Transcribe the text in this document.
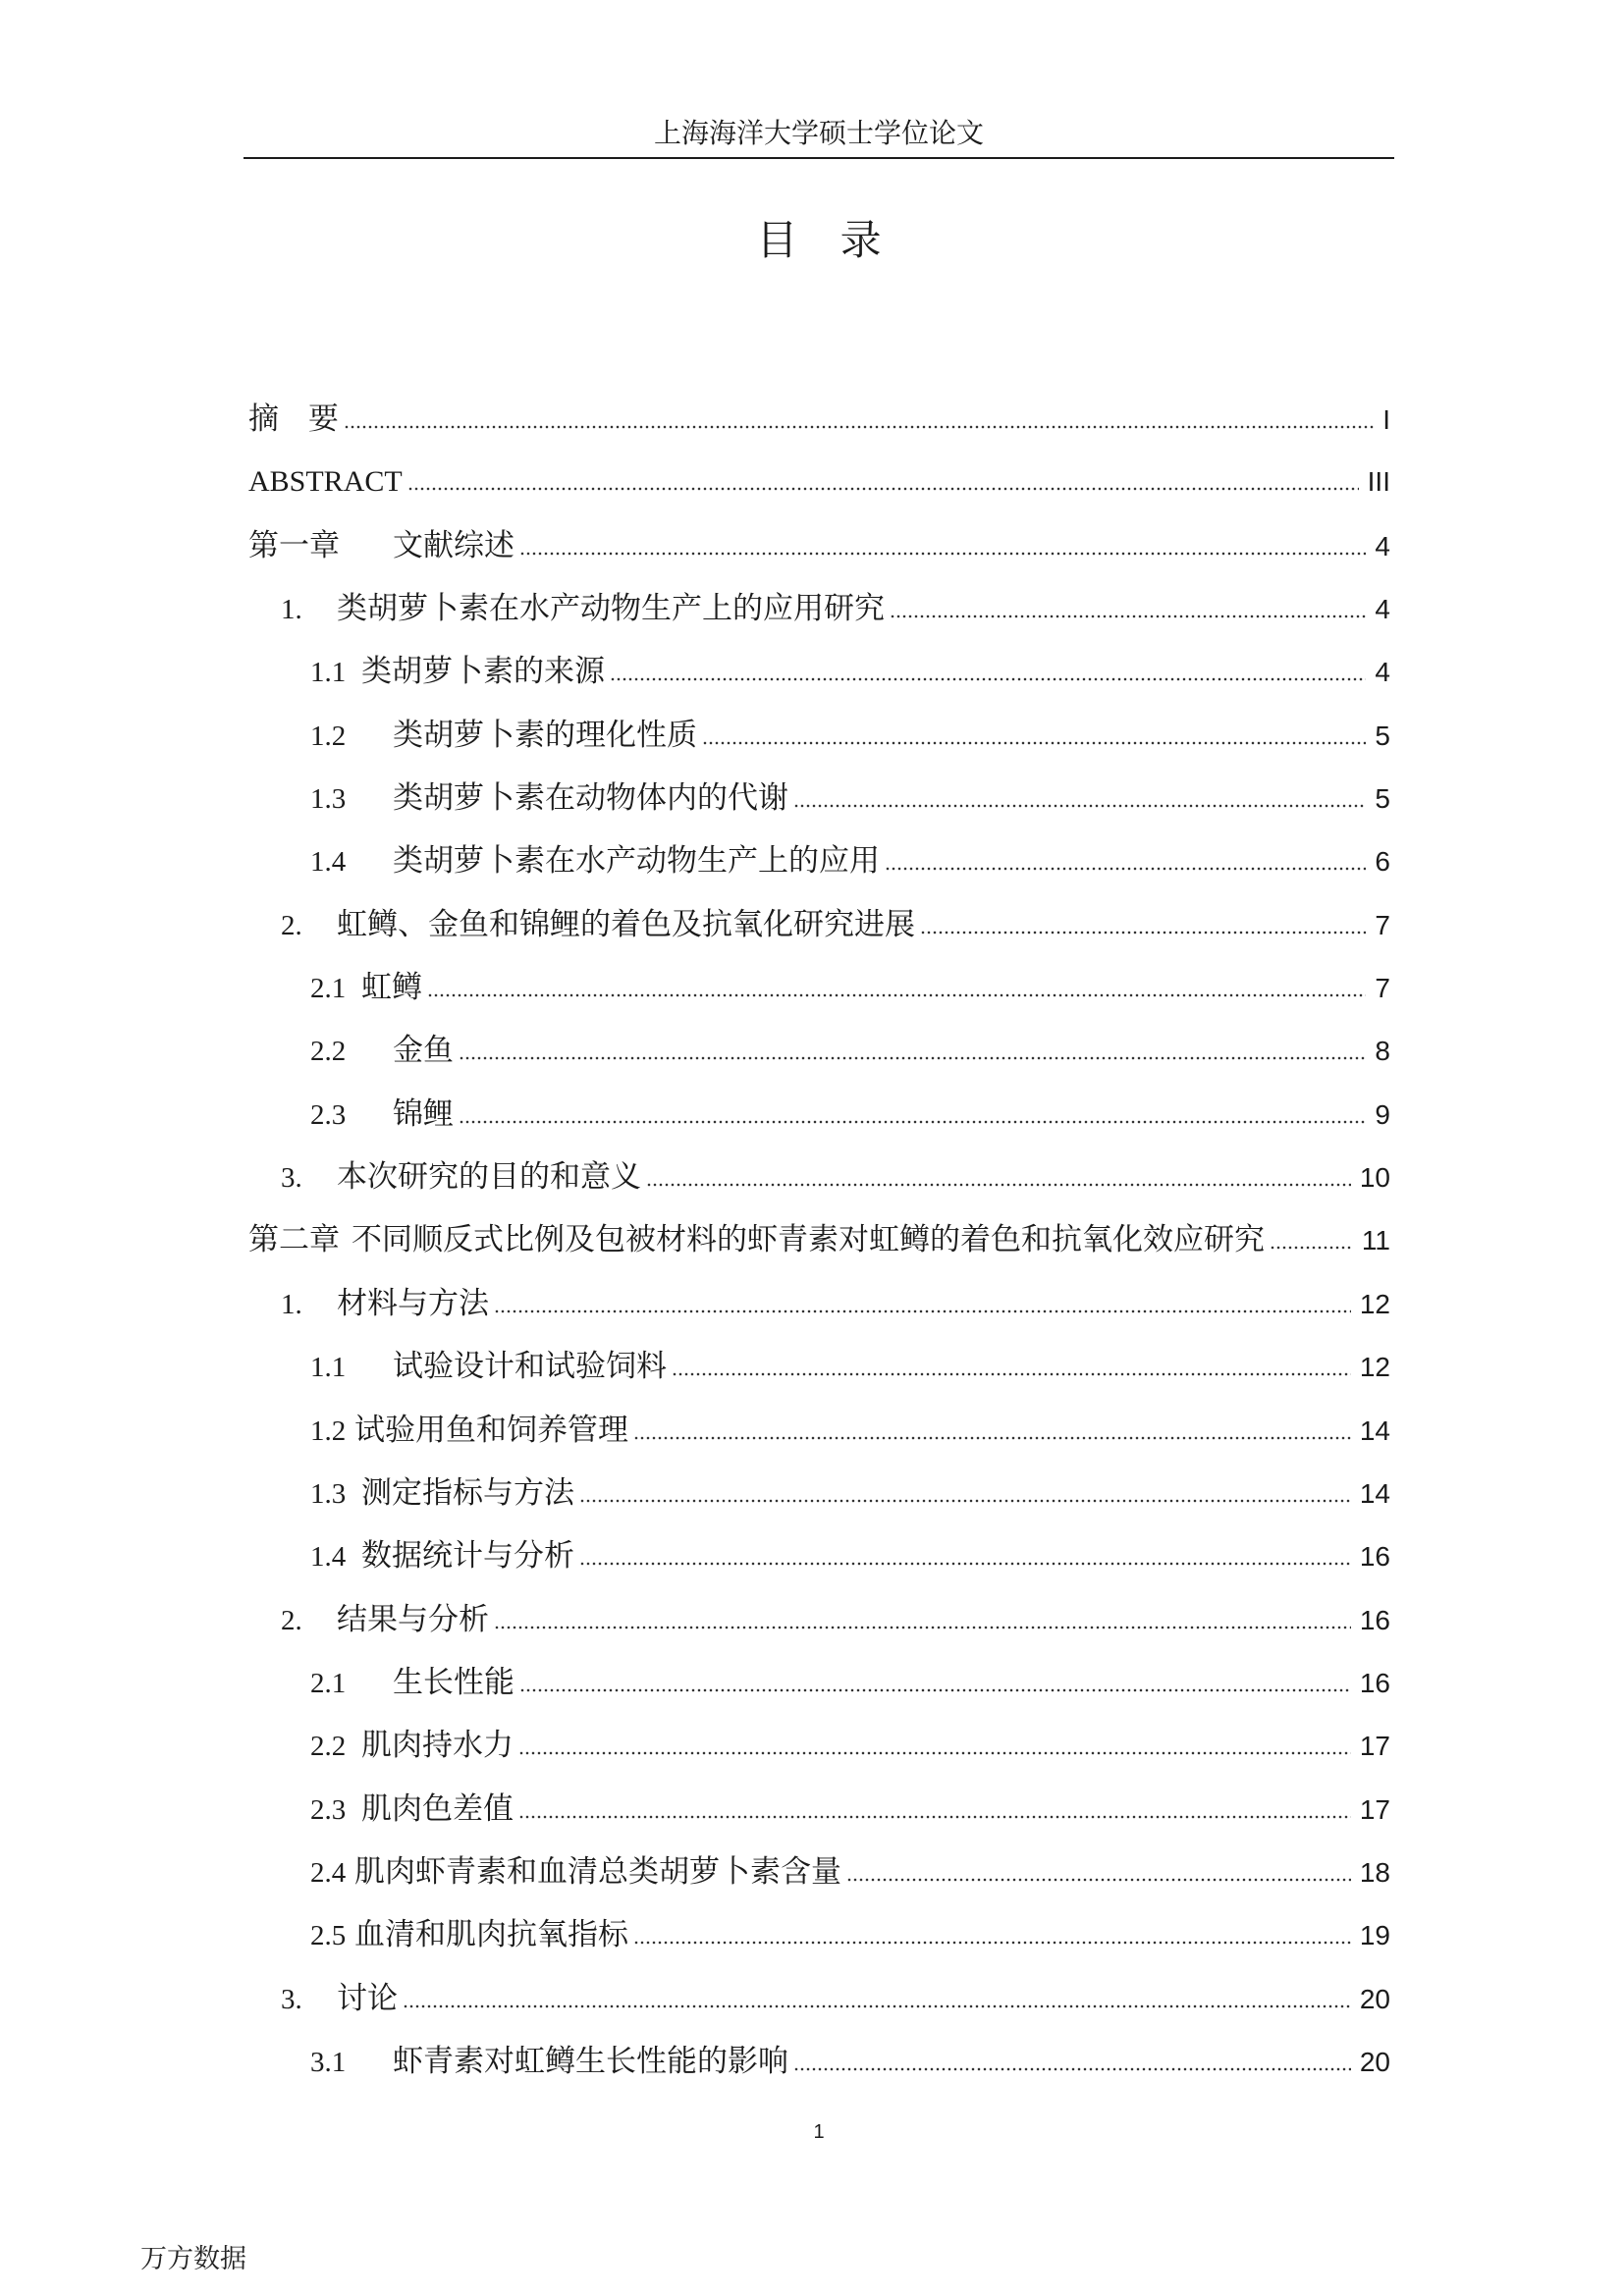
上海海洋大学硕士学位论文
目 录
摘 要	I
ABSTRACT	III
第一章	文献综述	4
1.	类胡萝卜素在水产动物生产上的应用研究	4
1.1 类胡萝卜素的来源	4
1.2	类胡萝卜素的理化性质	5
1.3	类胡萝卜素在动物体内的代谢	5
1.4	类胡萝卜素在水产动物生产上的应用	6
2.	虹鳟、金鱼和锦鲤的着色及抗氧化研究进展	7
2.1 虹鳟	7
2.2	金鱼	8
2.3	锦鲤	9
3.	本次研究的目的和意义	10
第二章 不同顺反式比例及包被材料的虾青素对虹鳟的着色和抗氧化效应研究	11
1.	材料与方法	12
1.1	试验设计和试验饲料	12
1.2 试验用鱼和饲养管理	14
1.3 测定指标与方法	14
1.4 数据统计与分析	16
2.	结果与分析	16
2.1	生长性能	16
2.2 肌肉持水力	17
2.3 肌肉色差值	17
2.4 肌肉虾青素和血清总类胡萝卜素含量	18
2.5 血清和肌肉抗氧指标	19
3.	讨论	20
3.1	虾青素对虹鳟生长性能的影响	20
1
万方数据
